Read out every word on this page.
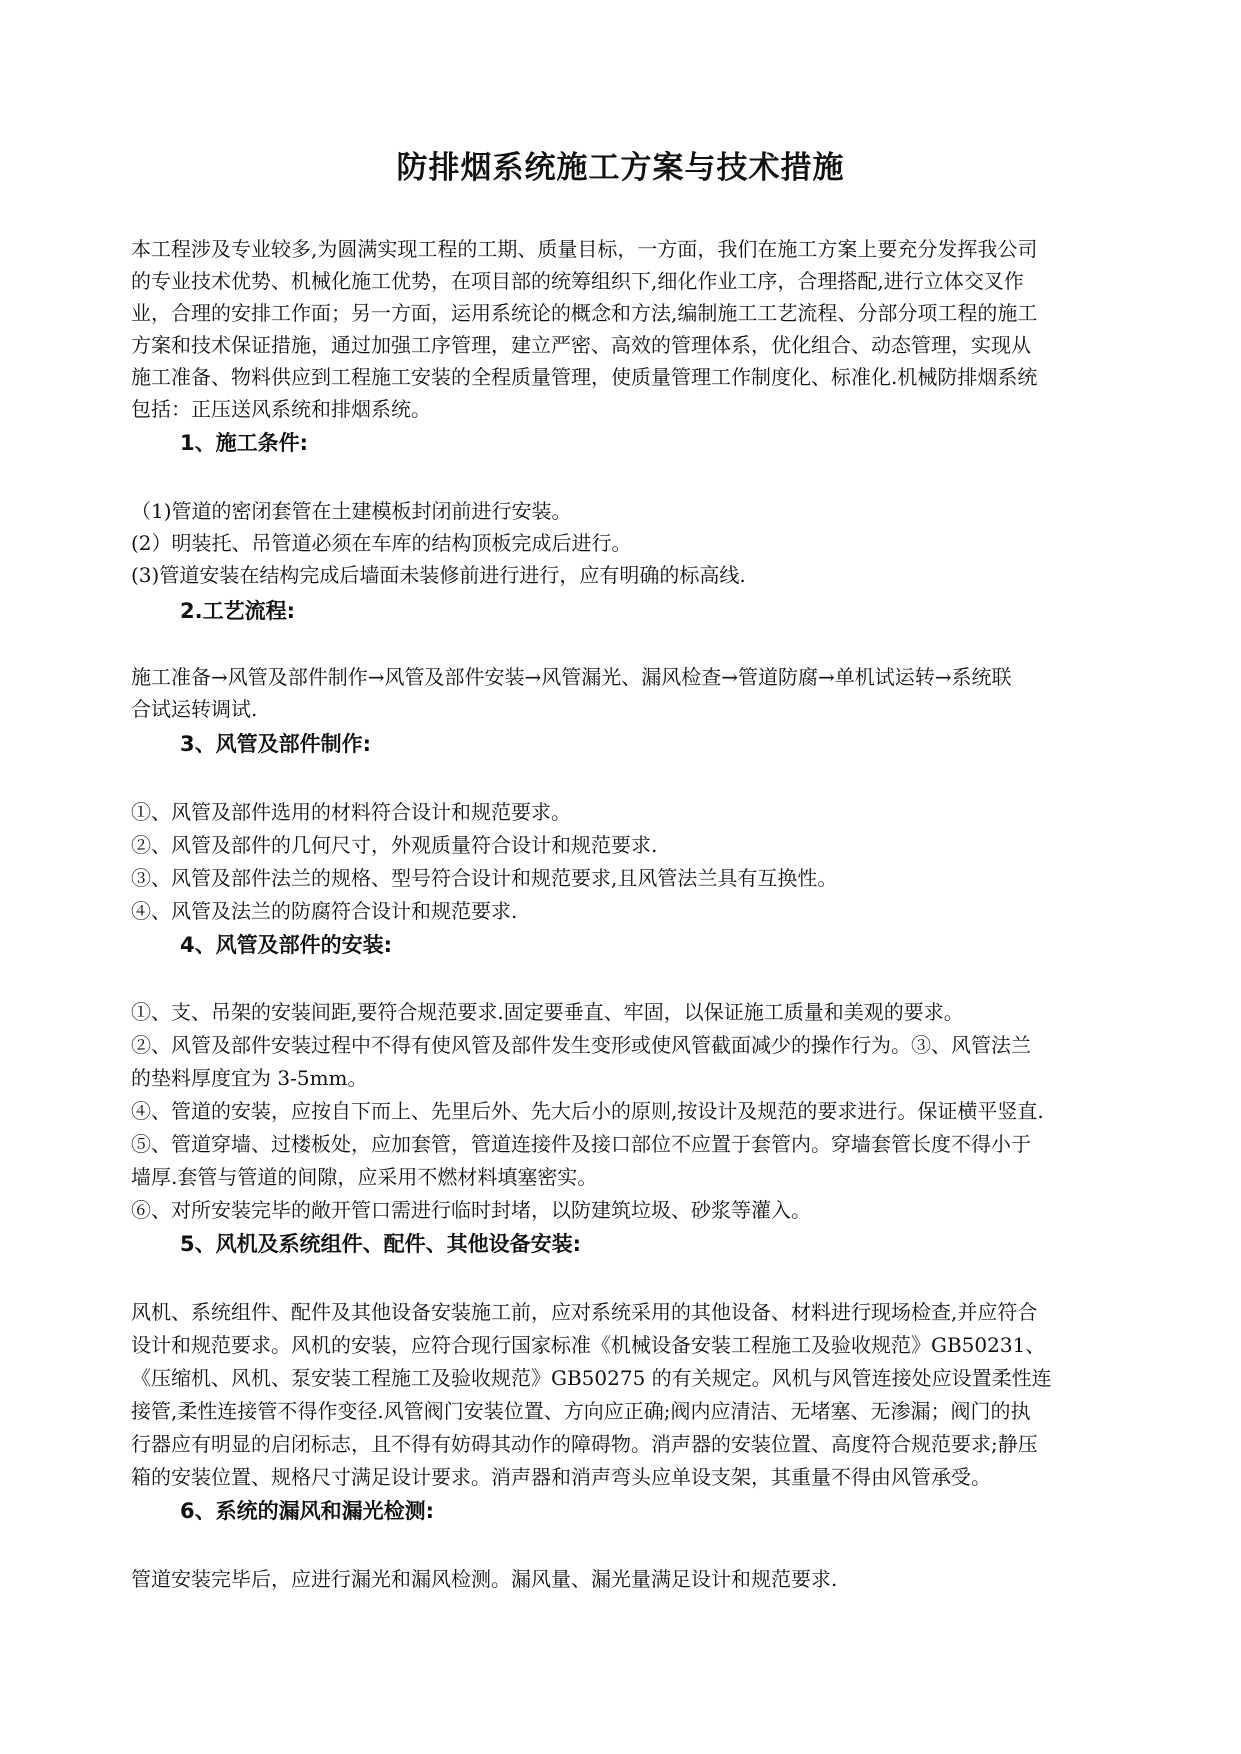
防排烟系统施工方案与技术措施
本工程涉及专业较多,为圆满实现工程的工期、质量目标，一方面，我们在施工方案上要充分发挥我公司
的专业技术优势、机械化施工优势，在项目部的统筹组织下,细化作业工序，合理搭配,进行立体交叉作
业，合理的安排工作面；另一方面，运用系统论的概念和方法,编制施工工艺流程、分部分项工程的施工
方案和技术保证措施，通过加强工序管理，建立严密、高效的管理体系，优化组合、动态管理，实现从
施工准备、物料供应到工程施工安装的全程质量管理，使质量管理工作制度化、标准化.机械防排烟系统
包括：正压送风系统和排烟系统。
1、施工条件:
（1)管道的密闭套管在土建模板封闭前进行安装。
(2）明装托、吊管道必须在车库的结构顶板完成后进行。
(3)管道安装在结构完成后墙面未装修前进行进行，应有明确的标高线.
2.工艺流程:
施工准备→风管及部件制作→风管及部件安装→风管漏光、漏风检查→管道防腐→单机试运转→系统联
合试运转调试.
3、风管及部件制作:
①、风管及部件选用的材料符合设计和规范要求。
②、风管及部件的几何尺寸，外观质量符合设计和规范要求.
③、风管及部件法兰的规格、型号符合设计和规范要求,且风管法兰具有互换性。
④、风管及法兰的防腐符合设计和规范要求.
4、风管及部件的安装:
①、支、吊架的安装间距,要符合规范要求.固定要垂直、牢固，以保证施工质量和美观的要求。
②、风管及部件安装过程中不得有使风管及部件发生变形或使风管截面减少的操作行为。③、风管法兰
的垫料厚度宜为 3-5mm。
④、管道的安装，应按自下而上、先里后外、先大后小的原则,按设计及规范的要求进行。保证横平竖直.
⑤、管道穿墙、过楼板处，应加套管，管道连接件及接口部位不应置于套管内。穿墙套管长度不得小于
墙厚.套管与管道的间隙，应采用不燃材料填塞密实。
⑥、对所安装完毕的敞开管口需进行临时封堵，以防建筑垃圾、砂浆等灌入。
5、风机及系统组件、配件、其他设备安装:
风机、系统组件、配件及其他设备安装施工前，应对系统采用的其他设备、材料进行现场检查,并应符合
设计和规范要求。风机的安装，应符合现行国家标准《机械设备安装工程施工及验收规范》GB50231、
《压缩机、风机、泵安装工程施工及验收规范》GB50275 的有关规定。风机与风管连接处应设置柔性连
接管,柔性连接管不得作变径.风管阀门安装位置、方向应正确;阀内应清洁、无堵塞、无渗漏；阀门的执
行器应有明显的启闭标志，且不得有妨碍其动作的障碍物。消声器的安装位置、高度符合规范要求;静压
箱的安装位置、规格尺寸满足设计要求。消声器和消声弯头应单设支架，其重量不得由风管承受。
6、系统的漏风和漏光检测:
管道安装完毕后，应进行漏光和漏风检测。漏风量、漏光量满足设计和规范要求.
